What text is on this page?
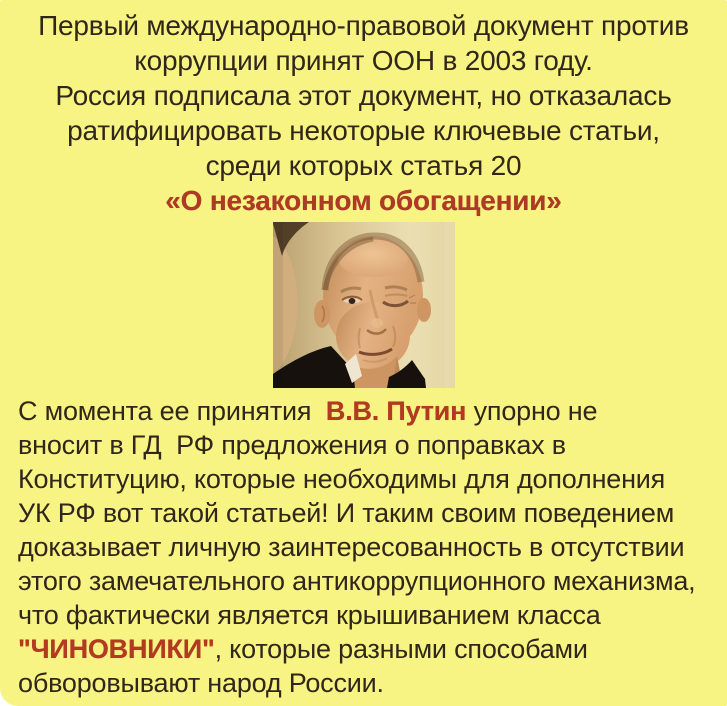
Первый международно-правовой документ против
коррупции принят ООН в 2003 году.
Россия подписала этот документ, но отказалась
ратифицировать некоторые ключевые статьи,
среди которых статья 20
«О незаконном обогащении»
С момента ее принятия  В.В. Путин упорно не
вносит в ГД  РФ предложения о поправках в
Конституцию, которые необходимы для дополнения
УК РФ вот такой статьей! И таким своим поведением
доказывает личную заинтересованность в отсутствии
этого замечательного антикоррупционного механизма,
что фактически является крышиванием класса
"ЧИНОВНИКИ", которые разными способами
обворовывают народ России.
